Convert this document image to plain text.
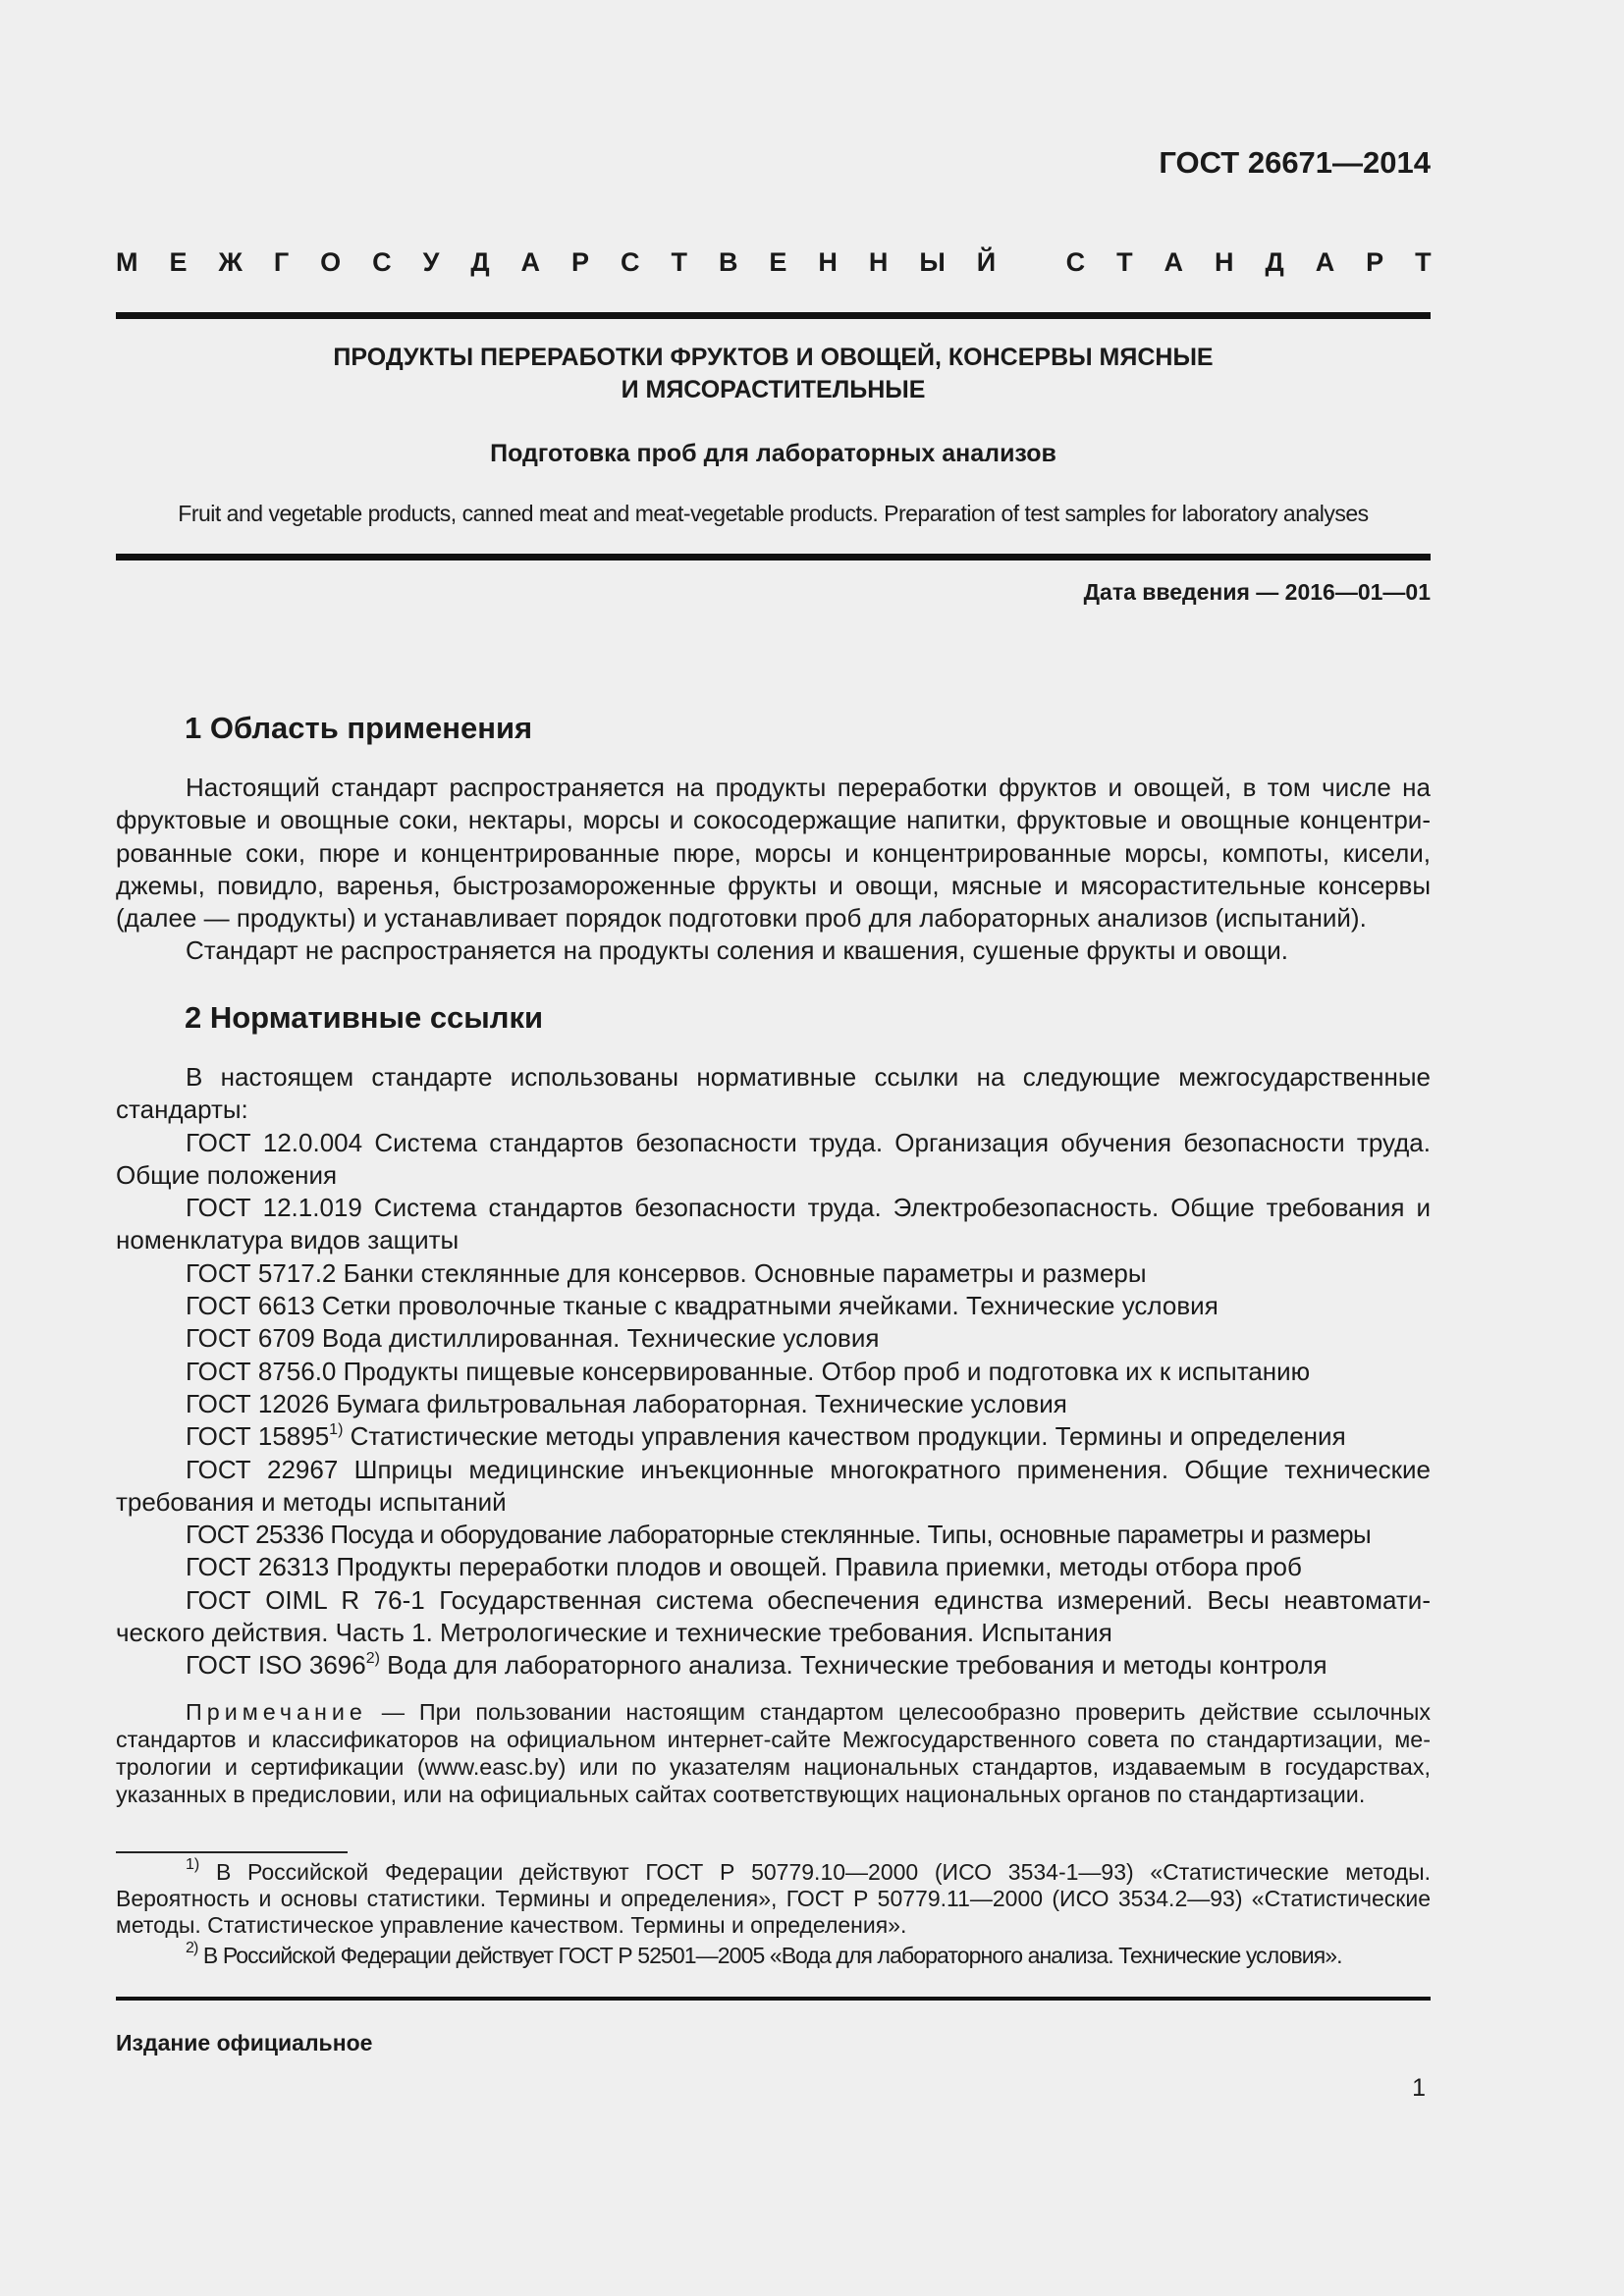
ГОСТ 26671—2014
М Е Ж Г О С У Д А Р С Т В Е Н Н Ы Й
	С Т А Н Д А Р Т
ПРОДУКТЫ ПЕРЕРАБОТКИ ФРУКТОВ И ОВОЩЕЙ, КОНСЕРВЫ МЯСНЫЕ
И МЯСОРАСТИТЕЛЬНЫЕ
Подготовка проб для лабораторных анализов
Fruit and vegetable products, canned meat and meat-vegetable products. Preparation of test samples for laboratory analyses
Дата введения — 2016—01—01
1 Область применения

Настоящий стандарт распространяется на продукты переработки фруктов и овощей, в том числе на фруктовые и овощные соки, нектары, морсы и сокосодержащие напитки, фруктовые и овощные концентрированные соки, пюре и концентрированные пюре, морсы и концентрированные морсы, компоты, кисели, джемы, повидло, варенья, быстрозамороженные фрукты и овощи, мясные и мясорастительные консервы (далее — продукты) и устанавливает порядок подготовки проб для лабораторных анализов (испытаний).

Стандарт не распространяется на продукты соления и квашения, сушеные фрукты и овощи.

2 Нормативные ссылки

В настоящем стандарте использованы нормативные ссылки на следующие межгосударственные стандарты:

ГОСТ 12.0.004 Система стандартов безопасности труда. Организация обучения безопасности труда. Общие положения

ГОСТ 12.1.019 Система стандартов безопасности труда. Электробезопасность. Общие требования и номенклатура видов защиты

ГОСТ 5717.2 Банки стеклянные для консервов. Основные параметры и размеры

ГОСТ 6613 Сетки проволочные тканые с квадратными ячейками. Технические условия

ГОСТ 6709 Вода дистиллированная. Технические условия

ГОСТ 8756.0 Продукты пищевые консервированные. Отбор проб и подготовка их к испытанию

ГОСТ 12026 Бумага фильтровальная лабораторная. Технические условия

ГОСТ 15895$^{1)}$ Статистические методы управления качеством продукции. Термины и определения

ГОСТ 22967 Шприцы медицинские инъекционные многократного применения. Общие технические требования и методы испытаний

ГОСТ 25336 Посуда и оборудование лабораторные стеклянные. Типы, основные параметры и размеры

ГОСТ 26313 Продукты переработки плодов и овощей. Правила приемки, методы отбора проб

ГОСТ OIML R 76-1 Государственная система обеспечения единства измерений. Весы неавтоматического действия. Часть 1. Метрологические и технические требования. Испытания

ГОСТ ISO 3696$^{2)}$ Вода для лабораторного анализа. Технические требования и методы контроля

Примечание — При пользовании настоящим стандартом целесообразно проверить действие ссылочных стандартов и классификаторов на официальном интернет-сайте Межгосударственного совета по стандартизации, метрологии и сертификации (www.easc.by) или по указателям национальных стандартов, издаваемым в государствах, указанных в предисловии, или на официальных сайтах соответствующих национальных органов по стандартизации.

$^{1)}$ В Российской Федерации действуют ГОСТ Р 50779.10—2000 (ИСО 3534-1—93) «Статистические методы. Вероятность и основы статистики. Термины и определения», ГОСТ Р 50779.11—2000 (ИСО 3534.2—93) «Статистические методы. Статистическое управление качеством. Термины и определения».

$^{2)}$ В Российской Федерации действует ГОСТ Р 52501—2005 «Вода для лабораторного анализа. Технические условия».

Издание официальное
1
